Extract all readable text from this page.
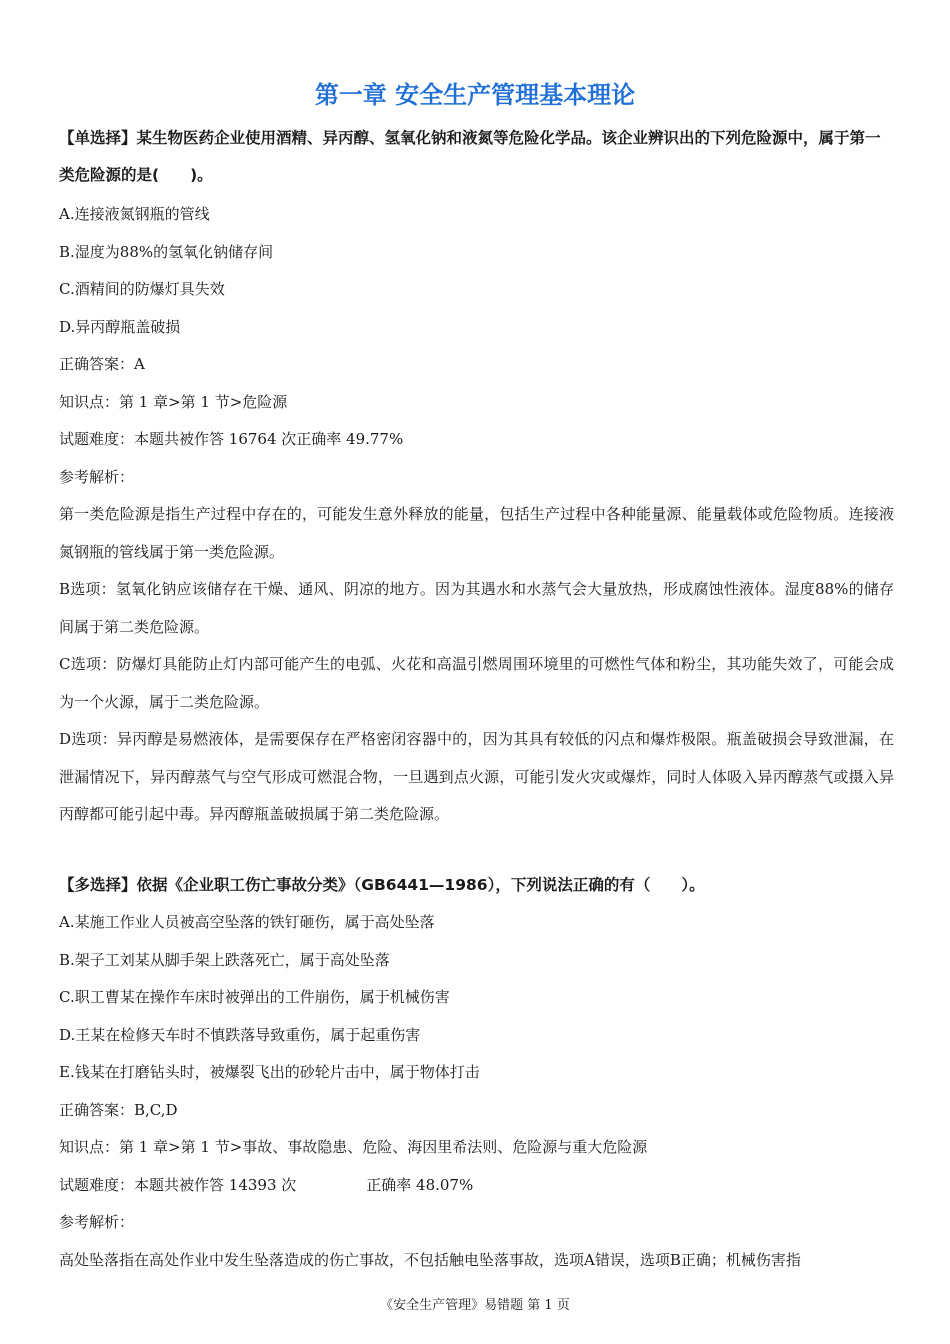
第一章 安全生产管理基本理论

【单选择】某生物医药企业使用酒精、异丙醇、氢氧化钠和液氮等危险化学品。该企业辨识出的下列危险源中，属于第一类危险源的是(　　)。

A.连接液氮钢瓶的管线

B.湿度为88%的氢氧化钠储存间

C.酒精间的防爆灯具失效

D.异丙醇瓶盖破损

正确答案：A

知识点：第 1 章>第 1 节>危险源

试题难度：本题共被作答 16764 次正确率 49.77%

参考解析：

第一类危险源是指生产过程中存在的，可能发生意外释放的能量，包括生产过程中各种能量源、能量载体或危险物质。连接液氮钢瓶的管线属于第一类危险源。

B选项：氢氧化钠应该储存在干燥、通风、阴凉的地方。因为其遇水和水蒸气会大量放热，形成腐蚀性液体。湿度88%的储存间属于第二类危险源。

C选项：防爆灯具能防止灯内部可能产生的电弧、火花和高温引燃周围环境里的可燃性气体和粉尘，其功能失效了，可能会成为一个火源，属于二类危险源。

D选项：异丙醇是易燃液体，是需要保存在严格密闭容器中的，因为其具有较低的闪点和爆炸极限。瓶盖破损会导致泄漏，在泄漏情况下，异丙醇蒸气与空气形成可燃混合物，一旦遇到点火源，可能引发火灾或爆炸，同时人体吸入异丙醇蒸气或摄入异丙醇都可能引起中毒。异丙醇瓶盖破损属于第二类危险源。

【多选择】依据《企业职工伤亡事故分类》（GB6441—1986），下列说法正确的有（　　）。

A.某施工作业人员被高空坠落的铁钉砸伤，属于高处坠落

B.架子工刘某从脚手架上跌落死亡，属于高处坠落

C.职工曹某在操作车床时被弹出的工件崩伤，属于机械伤害

D.王某在检修天车时不慎跌落导致重伤，属于起重伤害

E.钱某在打磨钻头时，被爆裂飞出的砂轮片击中，属于物体打击

正确答案：B,C,D

知识点：第 1 章>第 1 节>事故、事故隐患、危险、海因里希法则、危险源与重大危险源

试题难度：本题共被作答 14393 次	正确率 48.07%

参考解析：

高处坠落指在高处作业中发生坠落造成的伤亡事故，不包括触电坠落事故，选项A错误，选项B正确；机械伤害指

《安全生产管理》易错题 第 1 页
